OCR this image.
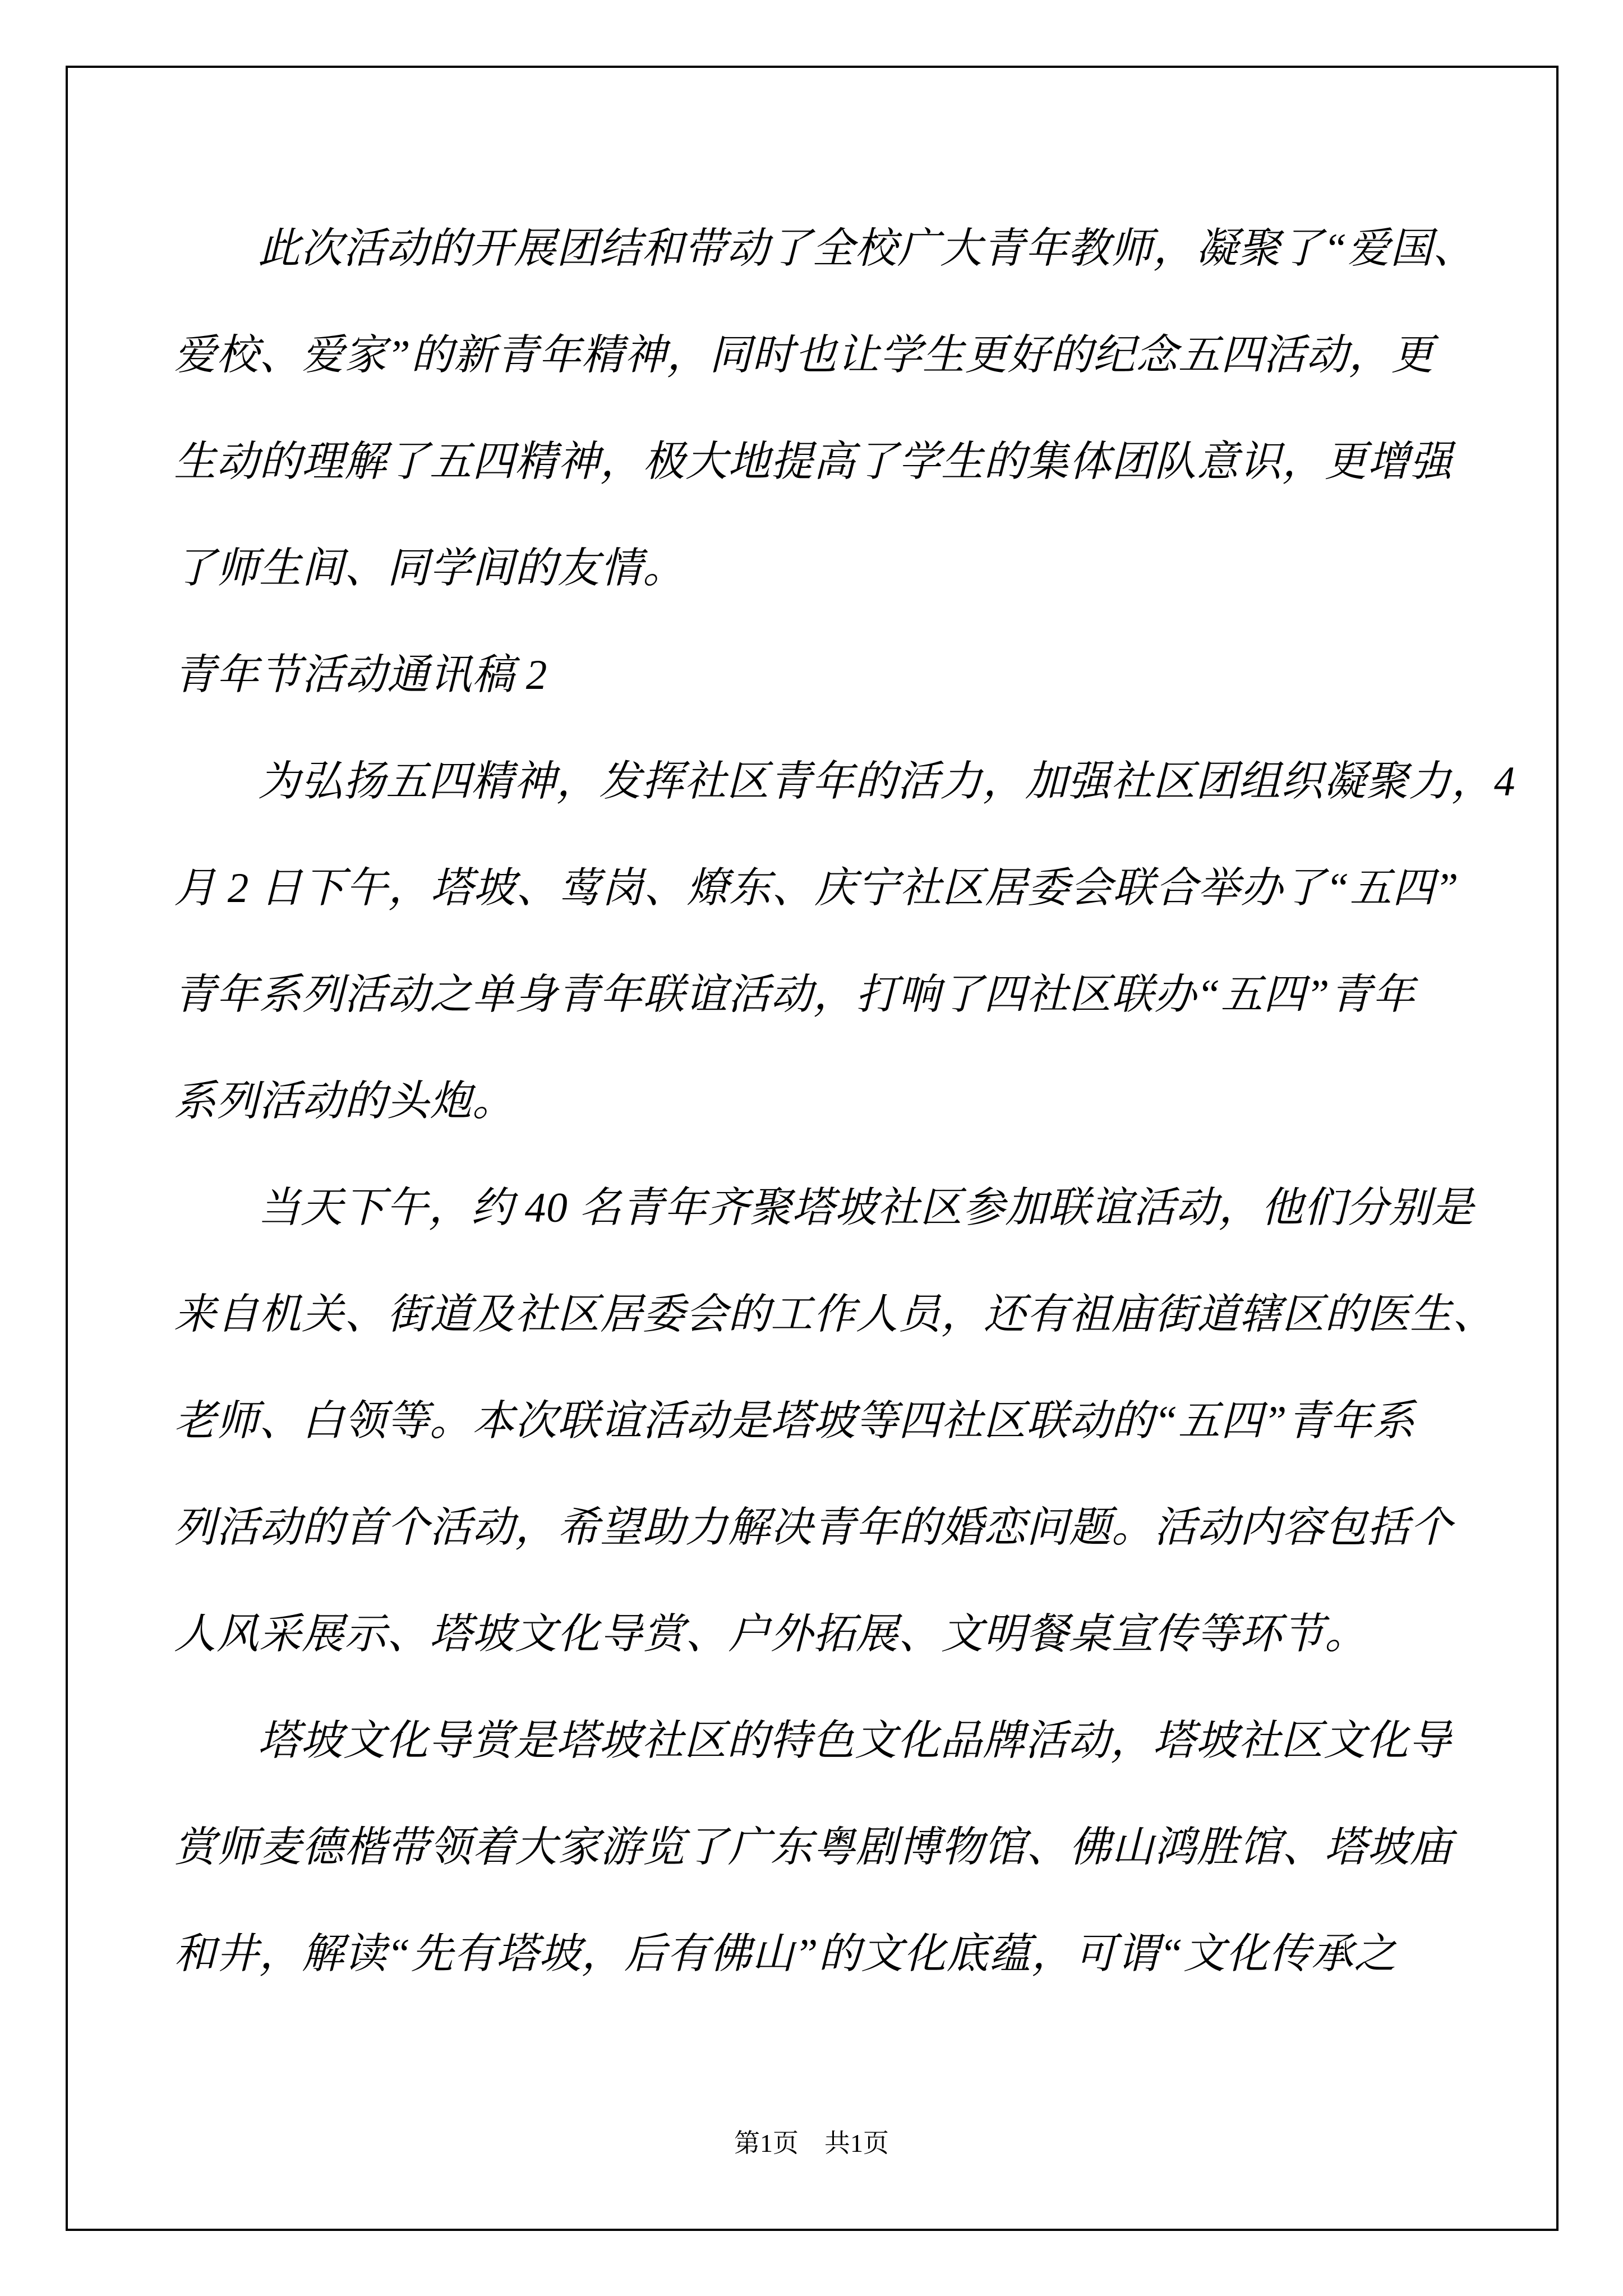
此次活动的开展团结和带动了全校广大青年教师，凝聚了“爱国、
爱校、爱家”的新青年精神，同时也让学生更好的纪念五四活动，更
生动的理解了五四精神，极大地提高了学生的集体团队意识，更增强
了师生间、同学间的友情。
青年节活动通讯稿 2
为弘扬五四精神，发挥社区青年的活力，加强社区团组织凝聚力，4
月 2 日下午，塔坡、莺岗、燎东、庆宁社区居委会联合举办了“五四”
青年系列活动之单身青年联谊活动，打响了四社区联办“五四”青年
系列活动的头炮。
当天下午，约 40 名青年齐聚塔坡社区参加联谊活动，他们分别是
来自机关、街道及社区居委会的工作人员，还有祖庙街道辖区的医生、
老师、白领等。本次联谊活动是塔坡等四社区联动的“五四”青年系
列活动的首个活动，希望助力解决青年的婚恋问题。活动内容包括个
人风采展示、塔坡文化导赏、户外拓展、文明餐桌宣传等环节。
塔坡文化导赏是塔坡社区的特色文化品牌活动，塔坡社区文化导
赏师麦德楷带领着大家游览了广东粤剧博物馆、佛山鸿胜馆、塔坡庙
和井，解读“先有塔坡，后有佛山”的文化底蕴，可谓“文化传承之
第1页　共1页
